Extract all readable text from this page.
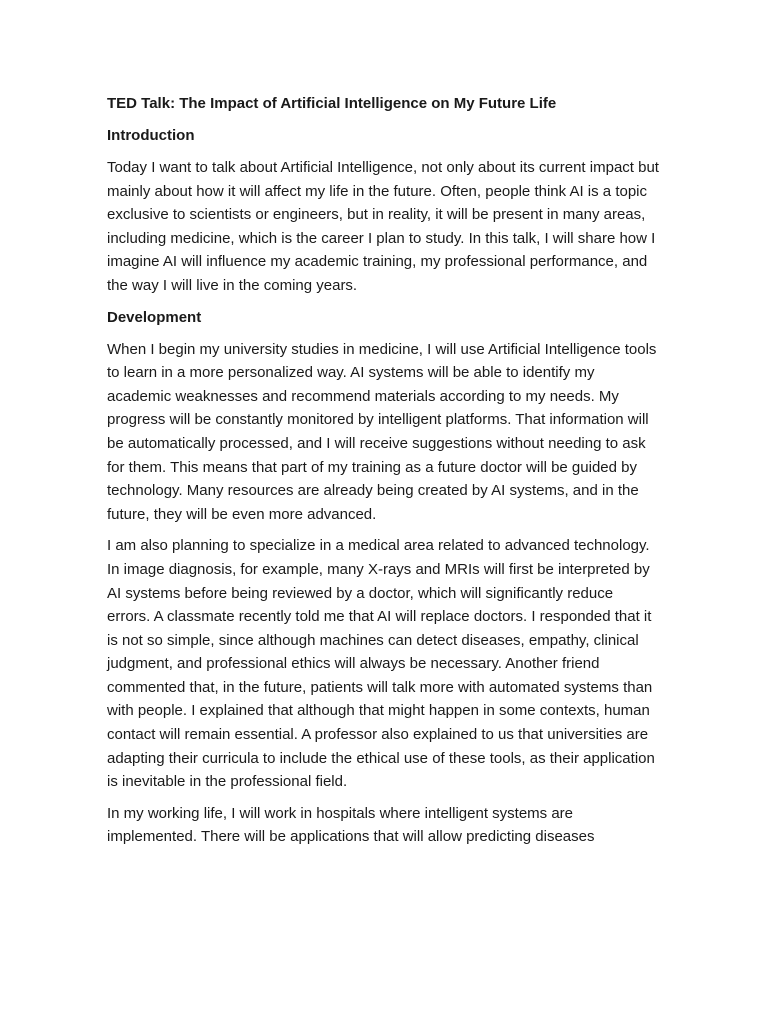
TED Talk: The Impact of Artificial Intelligence on My Future Life
Introduction

Today I want to talk about Artificial Intelligence, not only about its current impact but mainly about how it will affect my life in the future. Often, people think AI is a topic exclusive to scientists or engineers, but in reality, it will be present in many areas, including medicine, which is the career I plan to study. In this talk, I will share how I imagine AI will influence my academic training, my professional performance, and the way I will live in the coming years.

Development

When I begin my university studies in medicine, I will use Artificial Intelligence tools to learn in a more personalized way. AI systems will be able to identify my academic weaknesses and recommend materials according to my needs. My progress will be constantly monitored by intelligent platforms. That information will be automatically processed, and I will receive suggestions without needing to ask for them. This means that part of my training as a future doctor will be guided by technology. Many resources are already being created by AI systems, and in the future, they will be even more advanced.

I am also planning to specialize in a medical area related to advanced technology. In image diagnosis, for example, many X-rays and MRIs will first be interpreted by AI systems before being reviewed by a doctor, which will significantly reduce errors. A classmate recently told me that AI will replace doctors. I responded that it is not so simple, since although machines can detect diseases, empathy, clinical judgment, and professional ethics will always be necessary. Another friend commented that, in the future, patients will talk more with automated systems than with people. I explained that although that might happen in some contexts, human contact will remain essential. A professor also explained to us that universities are adapting their curricula to include the ethical use of these tools, as their application is inevitable in the professional field.

In my working life, I will work in hospitals where intelligent systems are implemented. There will be applications that will allow predicting diseases
